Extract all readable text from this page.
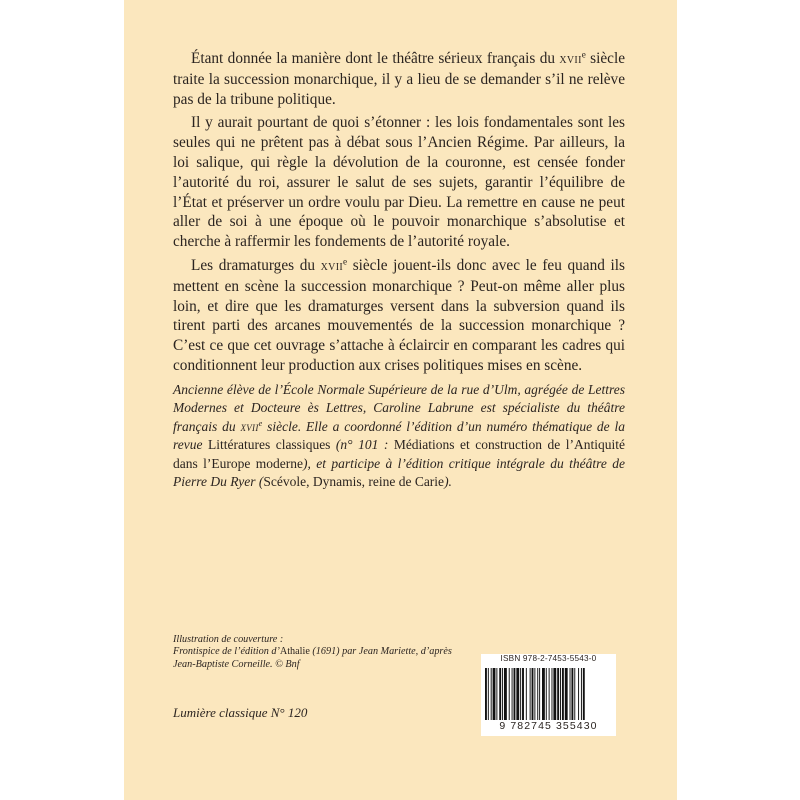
Étant donnée la manière dont le théâtre sérieux français du xvii$^e$ siècle traite la succession monarchique, il y a lieu de se demander s’il ne relève pas de la tribune politique.

Il y aurait pourtant de quoi s’étonner : les lois fondamentales sont les seules qui ne prêtent pas à débat sous l’Ancien Régime. Par ailleurs, la loi salique, qui règle la dévolution de la couronne, est censée fonder l’autorité du roi, assurer le salut de ses sujets, garantir l’équilibre de l’État et préserver un ordre voulu par Dieu. La remettre en cause ne peut aller de soi à une époque où le pouvoir monarchique s’absolutise et cherche à raffermir les fondements de l’autorité royale.

Les dramaturges du xvii$^e$ siècle jouent-ils donc avec le feu quand ils mettent en scène la succession monarchique ? Peut-on même aller plus loin, et dire que les dramaturges versent dans la subversion quand ils tirent parti des arcanes mouvementés de la succession monarchique ? C’est ce que cet ouvrage s’attache à éclaircir en comparant les cadres qui conditionnent leur production aux crises politiques mises en scène.

Ancienne élève de l’École Normale Supérieure de la rue d’Ulm, agrégée de Lettres Modernes et Docteure ès Lettres, Caroline Labrune est spécialiste du théâtre français du xvii$^e$ siècle. Elle a coordonné l’édition d’un numéro thématique de la revue Littératures classiques (n° 101 : Médiations et construction de l’Antiquité dans l’Europe moderne), et participe à l’édition critique intégrale du théâtre de Pierre Du Ryer (Scévole, Dynamis, reine de Carie).

Illustration de couverture :
Frontispice de l’édition d’Athalie (1691) par Jean Mariette, d’après
Jean-Baptiste Corneille. © Bnf
Lumière classique N° 120
ISBN 978-2-7453-5543-0
9 782745 355430
